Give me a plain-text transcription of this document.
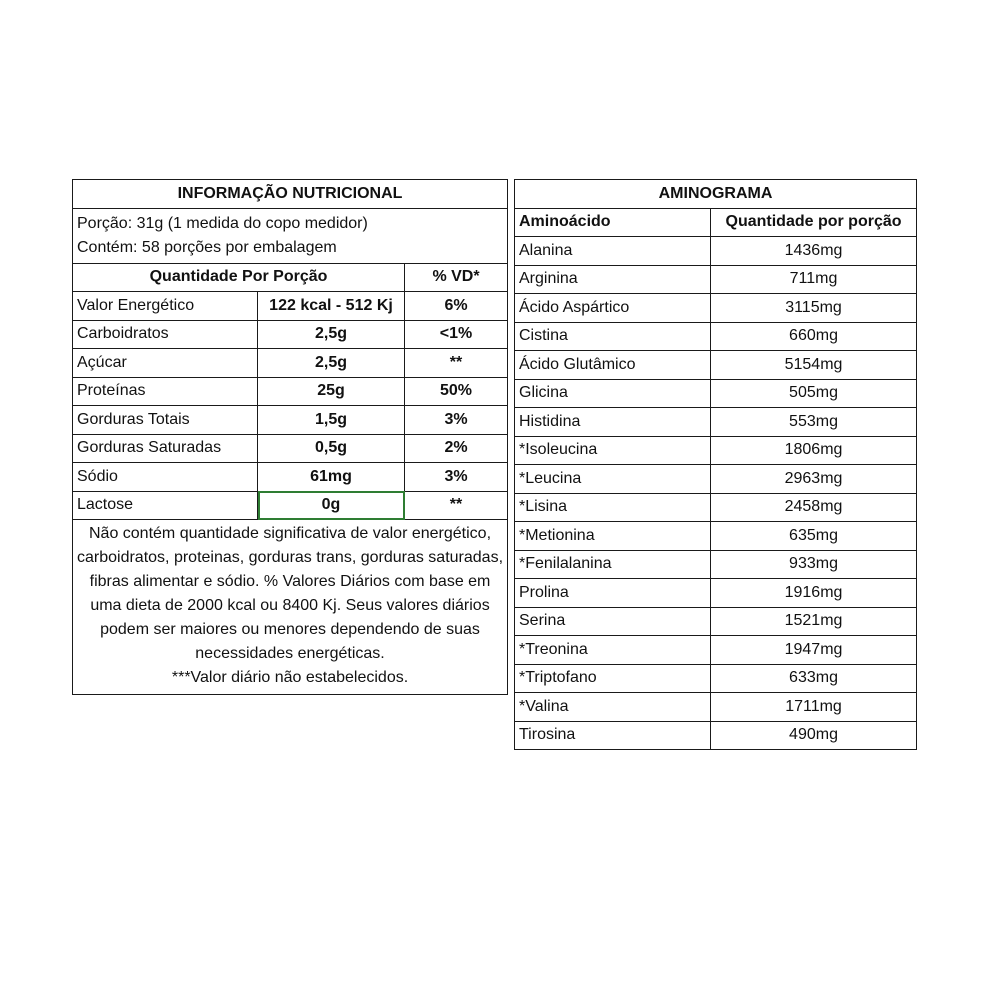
INFORMAÇÃO NUTRICIONAL		

Porção: 31g (1 medida do copo medidor)
Contém: 58 porções por embalagem		

Quantidade Por Porção		% VD*
Valor Energético	122 kcal - 512 Kj	6%
Carboidratos	2,5g	<1%
Açúcar	2,5g	**
Proteínas	25g	50%
Gorduras Totais	1,5g	3%
Gorduras Saturadas	0,5g	2%
Sódio	61mg	3%
Lactose	0g	**
Não contém quantidade significativa de valor energético, carboidratos, proteinas, gorduras trans, gorduras saturadas, fibras alimentar e sódio. % Valores Diários com base em uma dieta de 2000 kcal ou 8400 Kj. Seus valores diários podem ser maiores ou menores dependendo de suas necessidades energéticas.
***Valor diário não estabelecidos.		
AMINOGRAMA	
Aminoácido	Quantidade por porção
Alanina	1436mg
Arginina	711mg
Ácido Aspártico	3115mg
Cistina	660mg
Ácido Glutâmico	5154mg
Glicina	505mg
Histidina	553mg
*Isoleucina	1806mg
*Leucina	2963mg
*Lisina	2458mg
*Metionina	635mg
*Fenilalanina	933mg
Prolina	1916mg
Serina	1521mg
*Treonina	1947mg
*Triptofano	633mg
*Valina	1711mg
Tirosina	490mg
